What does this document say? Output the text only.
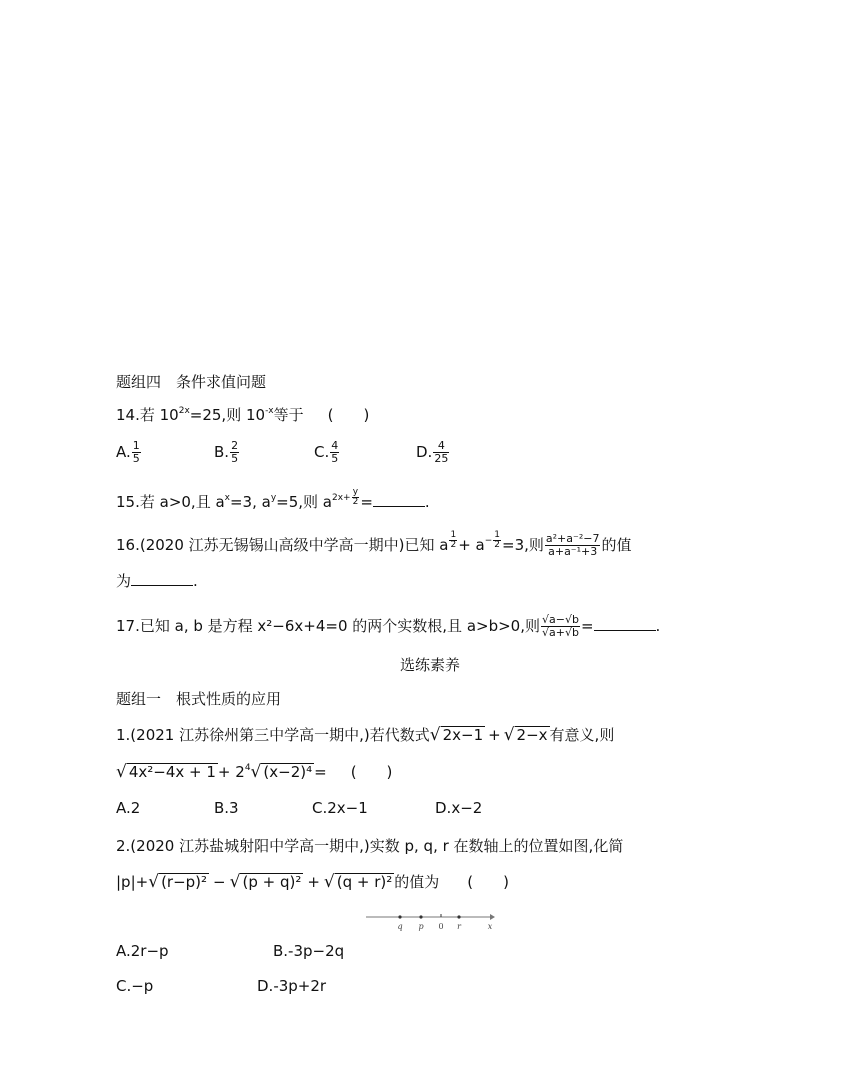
题组四　条件求值问题
14.若 $10^{2x}=25$,则 $10^{-x}$等于 (　　)
A. $\frac{1}{5}$	B. $\frac{2}{5}$	C. $\frac{4}{5}$	D. $\frac{4}{25}$
15.若 a>0,且 $a^x=3$, $a^y=5$,则 $a^{2x+ \frac{y}{2}}$ =	.
16.(2020 江苏无锡锡山高级中学高一期中)已知 a $^{\frac{1}{2}} + a^{- \frac{1}{2}} =3$,则 $\frac{\text{a²+a⁻²−7}}{\text{a+a⁻¹+3}}$ 的值
为	.
17.已知 a, b 是方程 x²−6x+4=0 的两个实数根,且 a>b>0,则 $\frac{√a-√b}{√a+√b}$ =	.
选练素养
题组一　根式性质的应用
1.(2021 江苏徐州第三中学高一期中,)若代数式√ 2x−1 + √ 2−x 有意义,则
√ $4x^2-4x + 1 + 2^4√$ (x−2)⁴ = (　　)
A.2	B.3	C.2x−1	D.x−2
2.(2020 江苏盐城射阳中学高一期中,)实数 p, q, r 在数轴上的位置如图,化简
|p|+√ (r−p)² − √ (p + q)² + √ (q + r)² 的值为 (　　)
q p 0 r	x
A.2r−p	B.-3p−2q
C.−p	D.-3p+2r
